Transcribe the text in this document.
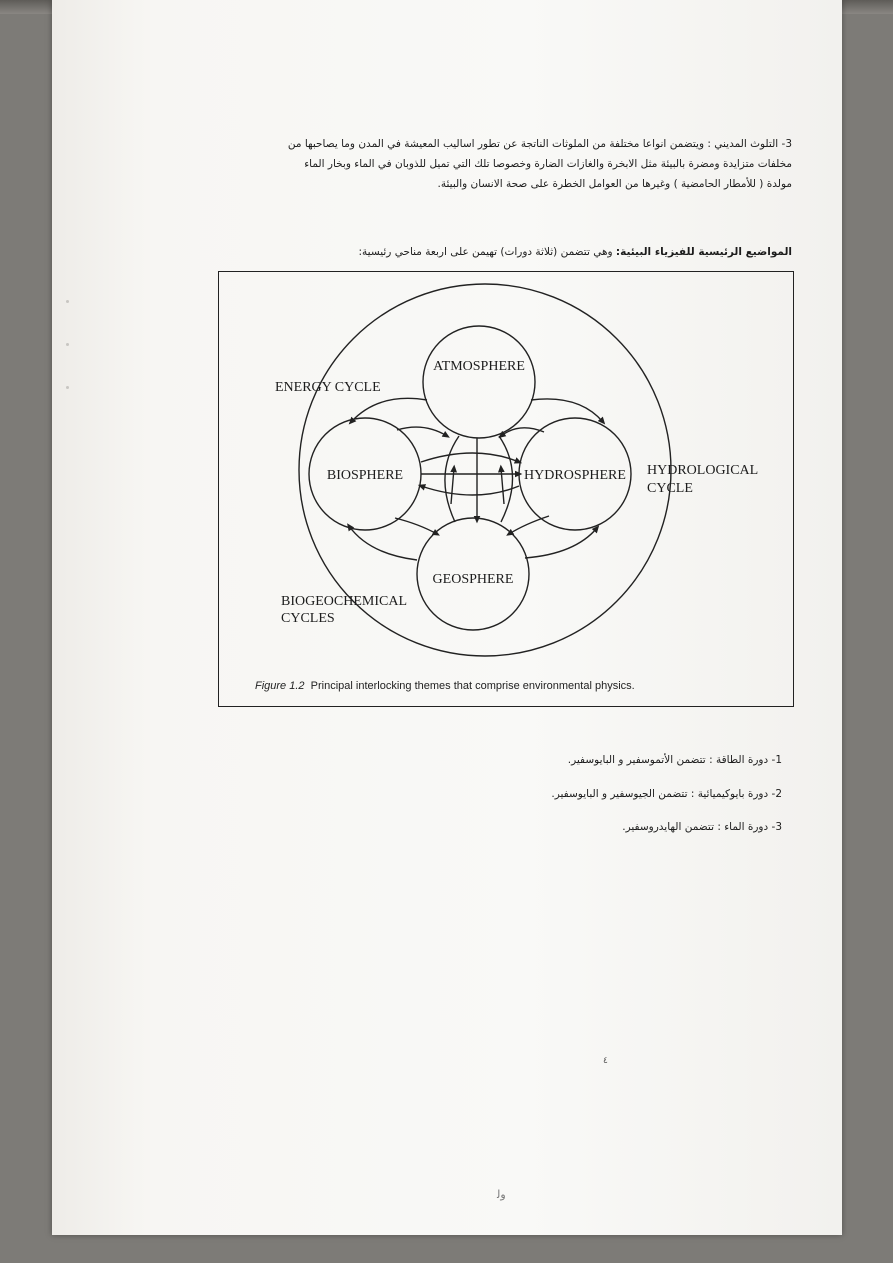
3- التلوث المديني : ويتضمن انواعا مختلفة من الملوثات الناتجة عن تطور اساليب المعيشة في المدن وما يصاحبها من

مخلفات متزايدة ومضرة بالبيئة مثل الابخرة والغازات الضارة وخصوصا تلك التي تميل للذوبان في الماء وبخار الماء

مولدة ( للأمطار الحامضية ) وغيرها من العوامل الخطرة على صحة الانسان والبيئة.

المواضيع الرئيسية للفيزياء البيئية: وهي تتضمن (ثلاثة دورات) تهيمن على اربعة مناحي رئيسية:
ATMOSPHERE
BIOSPHERE	HYDROSPHERE
GEOSPHERE
ENERGY CYCLE
HYDROLOGICAL
CYCLE
BIOGEOCHEMICAL
CYCLES
Figure 1.2 Principal interlocking themes that comprise environmental physics.
1- دورة الطاقة : تتضمن الأتموسفير و البايوسفير.
2- دورة بايوكيميائية : تتضمن الجيوسفير و البايوسفير.
3- دورة الماء : تتضمن الهايدروسفير.
٤
ﻭﻟ
